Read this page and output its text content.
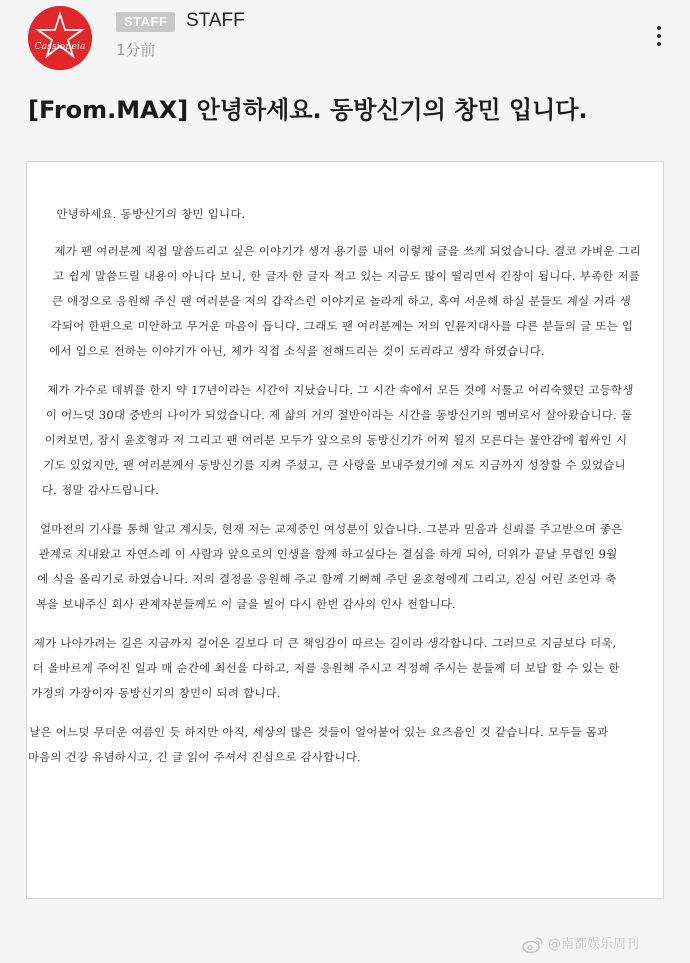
Cassiopeia
STAFF STAFF
1分前
[From.MAX] 안녕하세요. 동방신기의 창민 입니다.

안녕하세요. 동방신기의 창민 입니다.

제가 팬 여러분께 직접 말씀드리고 싶은 이야기가 생겨 용기를 내어 이렇게 글을 쓰게 되었습니다. 결코 가벼운 그리고 쉽게 말씀드릴 내용이 아니다 보니, 한 글자 한 글자 적고 있는 지금도 많이 떨리면서 긴장이 됩니다. 부족한 저를 큰 애정으로 응원해 주신 팬 여러분을 저의 갑작스런 이야기로 놀라게 하고, 혹여 서운해 하실 분들도 계실 거라 생각되어 한편으로 미안하고 무거운 마음이 듭니다. 그래도 팬 여러분께는 저의 인륜지대사를 다른 분들의 글 또는 입에서 입으로 전하는 이야기가 아닌, 제가 직접 소식을 전해드리는 것이 도리라고 생각 하였습니다.

제가 가수로 데뷔를 한지 약 17년이라는 시간이 지났습니다. 그 시간 속에서 모든 것에 서툴고 어리숙했던 고등학생이 어느덧 30대 중반의 나이가 되었습니다. 제 삶의 거의 절반이라는 시간을 동방신기의 멤버로서 살아왔습니다. 돌이켜보면, 잠시 윤호형과 저 그리고 팬 여러분 모두가 앞으로의 동방신기가 어찌 될지 모른다는 불안감에 휩싸인 시기도 있었지만, 팬 여러분께서 동방신기를 지켜 주셨고, 큰 사랑을 보내주셨기에 저도 지금까지 성장할 수 있었습니다. 정말 감사드립니다.

얼마전의 기사를 통해 알고 계시듯, 현재 저는 교제중인 여성분이 있습니다. 그분과 믿음과 신뢰를 주고받으며 좋은 관계로 지내왔고 자연스레 이 사람과 앞으로의 인생을 함께 하고싶다는 결심을 하게 되어, 더위가 끝날 무렵인 9월에 식을 올리기로 하였습니다. 저의 결정을 응원해 주고 함께 기뻐해 주던 윤호형에게 그리고, 진심 어린 조언과 축복을 보내주신 회사 관계자분들께도 이 글을 빌어 다시 한번 감사의 인사 전합니다.

제가 나아가려는 길은 지금까지 걸어온 길보다 더 큰 책임감이 따르는 길이라 생각합니다. 그러므로 지금보다 더욱, 더 올바르게 주어진 일과 매 순간에 최선을 다하고, 저를 응원해 주시고 걱정해 주시는 분들께 더 보답 할 수 있는 한 가정의 가장이자 동방신기의 창민이 되려 합니다.

날은 어느덧 무더운 여름인 듯 하지만 아직, 세상의 많은 것들이 얼어붙어 있는 요즈음인 것 같습니다. 모두들 몸과 마음의 건강 유념하시고, 긴 글 읽어 주셔서 진심으로 감사합니다.

@南都娱乐周刊
